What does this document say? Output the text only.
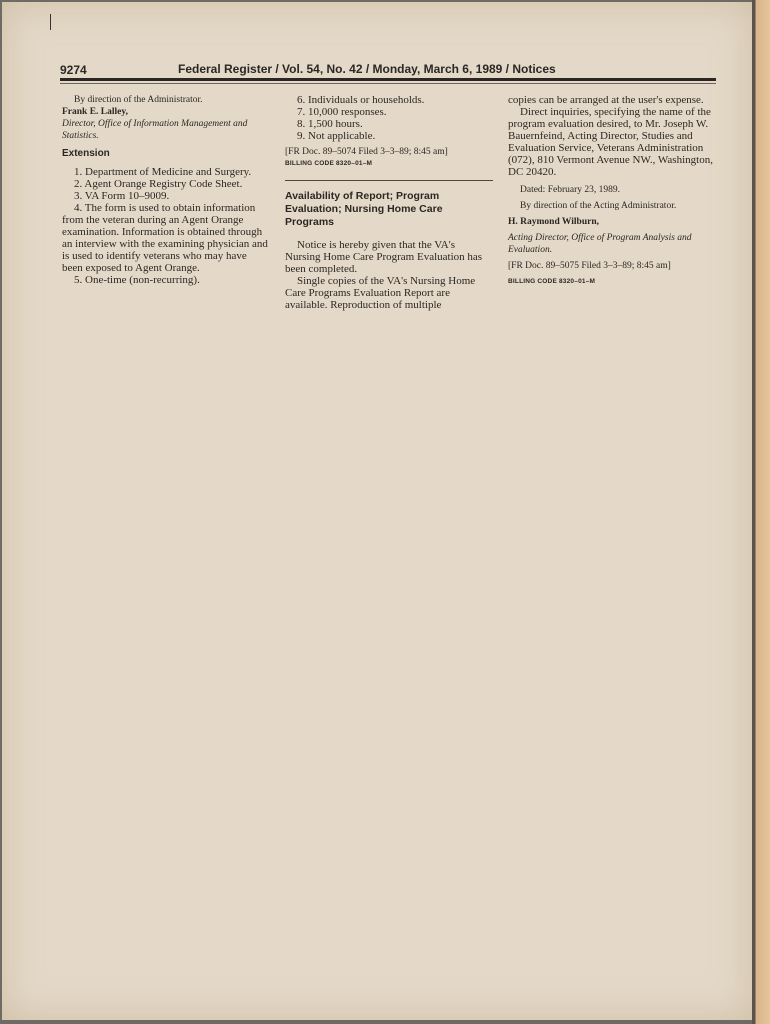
9274	Federal Register / Vol. 54, No. 42 / Monday, March 6, 1989 / Notices

By direction of the Administrator.

Frank E. Lalley,

Director, Office of Information Management and Statistics.

Extension

1. Department of Medicine and Surgery.

2. Agent Orange Registry Code Sheet.

3. VA Form 10–9009.

4. The form is used to obtain information from the veteran during an Agent Orange examination. Information is obtained through an interview with the examining physician and is used to identify veterans who may have been exposed to Agent Orange.

5. One-time (non-recurring).

6. Individuals or households.

7. 10,000 responses.

8. 1,500 hours.

9. Not applicable.

[FR Doc. 89–5074 Filed 3–3–89; 8:45 am]

BILLING CODE 8320–01–M

Availability of Report; Program Evaluation; Nursing Home Care Programs

Notice is hereby given that the VA's Nursing Home Care Program Evaluation has been completed.

Single copies of the VA's Nursing Home Care Programs Evaluation Report are available. Reproduction of multiple

copies can be arranged at the user's expense.

Direct inquiries, specifying the name of the program evaluation desired, to Mr. Joseph W. Bauernfeind, Acting Director, Studies and Evaluation Service, Veterans Administration (072), 810 Vermont Avenue NW., Washington, DC 20420.

Dated: February 23, 1989.

By direction of the Acting Administrator.

H. Raymond Wilburn,

Acting Director, Office of Program Analysis and Evaluation.

[FR Doc. 89–5075 Filed 3–3–89; 8:45 am]

BILLING CODE 8320–01–M
